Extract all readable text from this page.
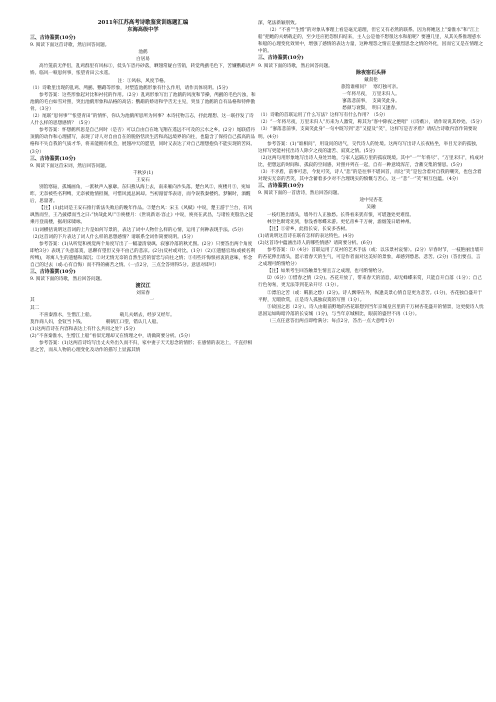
2011年江苏高考诗歌鉴赏训练题汇编
东海高级中学

三、古诗鉴赏(10分)

9. 阅读下面这首诗歌，然后回答问题。

池鹤

白居易

高竹笼前无伴侣，乱鸡群里有风标①，低头乍恐丹砂落，晒翅常疑白雪销，转觉鸬鹚毛色下，苦嫌鹦鹉语声娇。临风一唳思何事，怅望青田云水遥。

注：①风标，风度节格。

（1）诗歌里出现的乱鸡、鸬鹚、鹦鹉等形象，对塑造池鹤形象有什么作用，请作具体说明。(5分)

参考答案：这些形象起对比和衬托的作用。（2分）乱鸡形象写出了池鹤的风度和节操，鸬鹚的毛色污浊，和池鹤的毛白如雪对照，突出池鹤形象和品格的高洁；鹦鹉的娇语和学舌无主见，突显了池鹤的自有品格和特伸傲骨。（3分）

（2）尾联“思何事”“怅望青田”的情怀，你认为池鹤所思所为何事？本诗托物言志，抒此理想、这一联抒发了诗人什么样的思想感情？（5分）

参考答案：怀想鹤所思是自己何时（是否）可以自由自在地飞翔在遥远不可及的云水之乡。(2分）尾联借丹顶鹤的动作和心理描写，表现了诗人对自由自在的脱俗恬淡生活和高远境界的向往，也隐含了保持自己孤高的品格和不失自我的气质才华，将来能拥有机会，展翅冲天的愿望，同时又表达了对自己理想抱负不能实现的苦闷。(3分）

三、古诗鉴赏(10分)

9. 阅读下面这首宋词，然后回答问题。

千秋岁(1)

王安石

别馆寒砧，孤城画角，一派秋声入寥廓。东归燕从海上去，南来雁向沙头落。楚台风②，庾楼月③，宛如昨。无奈被些名利缚，无奈被他情担阁，可惜风流总闲却。当初谩留华表语，而今误我秦楼约。梦阑时，酒醒后，思量著。

【注】(1)此词是王安石推行新法失败后的晚年作品。②楚台风：宋玉《风赋》中说，楚王游于兰台，有风飒然而至，王乃披襟而当之曰:“快哉此风!”③庾楼月：《世说新语·容止》中说，庾亮在武昌，与诸佐吏殷浩之徒乘月登南楼，据胡床啸咏。

（1)词横括说明这首词的上片是如何写景的，表达了词中人物什么样的心情，运用了何种表现手法。(5分）

（2)这首词的下片表达了词人什么样的思想感情？请联系全词作简要说明。(5分）

参考答案：(1)从听觉和视觉两个角度写出了一幅凄清衰飒、寂寥冷落的秋光图。(2分）只要答出两个角度即给3分）表现了失意落寞，思聊有望但又身不由己的悲凉。(2分)反衬或对比。(1分）（2)①遗憾官场(或被名利所缚)，寄寓人生的遗憾和深沉；②对无情无奈的自然生活的留恋与向往之情；③有些许悔恨初衷的意味，怀念自己的过去（或:心有自悔）而不得的痛苦之情。（一点2分，三点全答则得5分。意思对即可）

三、古诗鉴赏(10分)

9. 阅读下面的诗歌，然后回答问题。

渡汉江

刘采春

其　　　　　　　　　　　　　　　　　　　　　　　　　一

其二

　　不喜秦淮水，生憎江上船。　　　　　　载儿夫婿去，经岁又经年。

莫作商人妇，金钗当卜钱。　　　　　朝朝江口望，错认几人船。

(1)这两首诗在内容和表达上有什么共同之处？(5分)

(2)“不喜秦淮水，生憎江上船”看似无理却又在情理之中，请做简要分析。(5分）

参考答案：(1)这两首诗均写出丈夫外出久而不归，家中妻子天天思念的情形；在感情的表达上，不直抒相思之苦，而从人物的心理变化及动作的描写上显露其情

深，笔法新颖别致。

（2）“不喜”“生憎”的对象从事理上看是毫无道理，但它又有必然的联系。因为将她送上“秦淮水”和“江上船”把她的夫婿载走的，至少还应把怨恨归结来，主人公是他不想很这水和船呢？要遵几里，从其关系推理惑水和船的心理变化效果中，增强了感情的表达力量，这种埋怨之情正是强烈思念之情的外化，因而它又是在情理之中的。

三、古诗鉴赏(10分)

9. 阅读下面的诗歌，然后回答问题。

除夜宿石头驿

戴叔伦

旅馆谁相问？　寒灯独可亲。

一年将尽夜，　万里未归人。

寥落悲前事，　支离笑此身。

愁颜与衰鬓，　明日又逢春。

（1）诗歌的首联运用了什么写法？这样写有什么作用？（5分）

（2）“一年将尽夜，万里未归人”历来为人激赏，称其为“客中除夜之绝唱”（《诗薮》），请作说说其妙处。（5分）

（3）“寥落悲前事，支离笑此身”一句中既写到“悲”又提及“笑”，这样写是否矛盾？请结合诗歌内容作简要说明。(4分）

参考答案：(1)“谁相问”，用设问的语气，交代诗人的处境。这两句写出诗人长夜枯坐，举目无亲的孤独，这样写更能衬托出诗人除夕之夜的凄苦、寂寞之情。(5分)

（2)这两句用形象地写出诗人身处异地，与家人远隔万里的孤寂现境。其中“一”“年将尽”、“万里未归”，构成对比，把想远的时间和、孤寂的空间感，对照并列在一起，自有一种意境浑茫，含蓄交集的情思。(5分)

（3）不矛盾，前事可悲，今复可笑，诗人“悲”的是往事不堪回首，而这“笑”是包含着对自我的嘲笑，也包含着对现实无奈的苦笑，其中含蓄着多少对不合理现实的愤慨与苦心。这一“悲”一“笑”相互包蕴。（4分）

三、古诗鉴赏(10分)

9. 阅读下面的一首唐诗，然后回答问题。

途中见杏花

吴融

一枝红艳出墙头，墙外行人正独愁。长得看来犹有恨，可堪逢处更难留。

林空色暝莺先到，春浅香寒蝶未游。更忆帝乡千万树，澹烟笼日暗神州。

【注】①帝乡，此指长安，长安多杏树。

(1)请说明这首诗在联有怎样的表达特色。(4分)

(2)这首诗中蕴涵出诗人的哪些情感？请简要分析。(6分)

参考答案：⑴（4分）首联运用了反衬的艺术手法（或：以乐景衬哀情）。(2分）早春时节，一枝艳丽出墙开的杏花伸出墙头，愿示着春天的生气，可是作者面对这美好的景象，却感到愁思、悲苦。(2分)（答出要点，言之成理可酌情给分）

【注】如果考生回答触景生情且言之成理，也可酌情给分。

⑵（6分）①惜春之情（2分)。杏花开放了，带来春天的消息，却无蜂蝶来赏，只能自开自落（1分）；自己行色匆匆，更无法等到花朵开尽（1分）。

②漂泊之苦（或：羁旅之愁）(2分)。诗人飘零在外，纵逢美景心情自是更为悲苦。(1分)，杏花独自盛开于平野，无暇欣赏，正是诗人孤独寂寞的写照（1分）。

③故国之思（2分）。诗人由眼前野地的杏花联想到当年京城皇宫里的千万树杏花盛开的情景，这更使诗人忧思国运如晦暗冷落的长安城（1分)，与当年京城相比，眼前的盛世不再（1分）。

（三点任意答出两点即给满分；每点2分，答出一点大意给1分）
